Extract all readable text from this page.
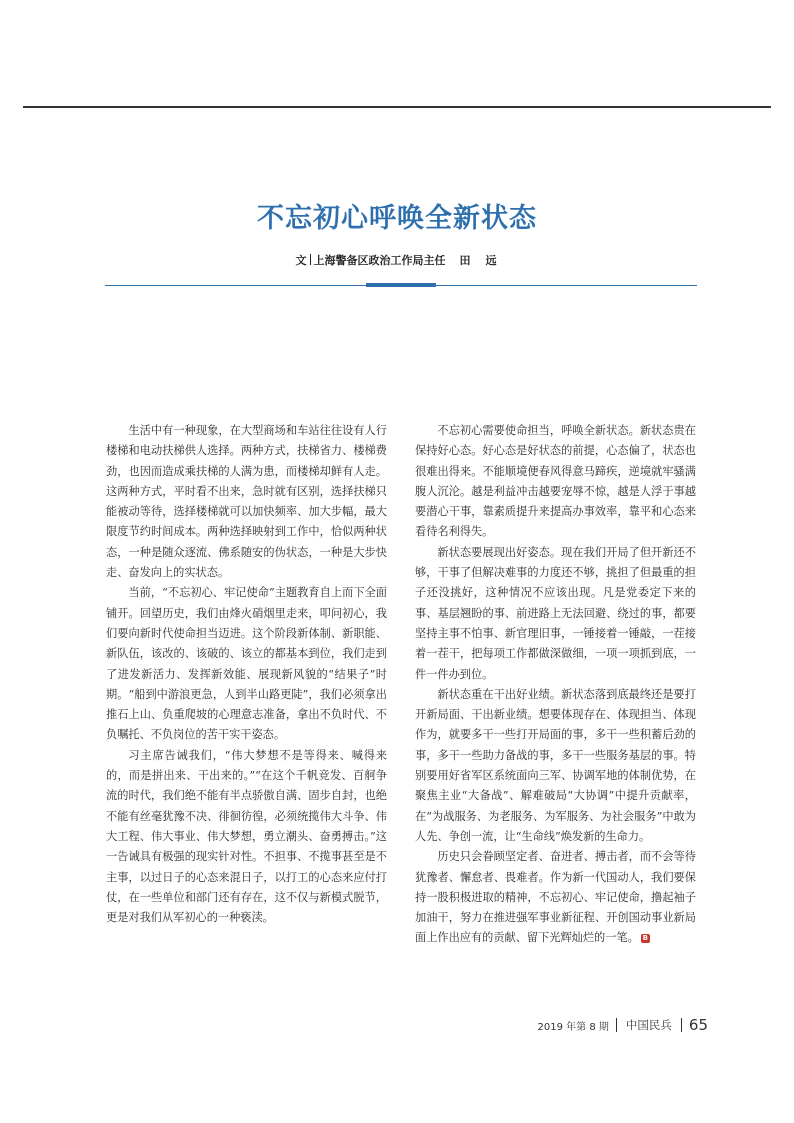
不忘初心呼唤全新状态
文 上海警备区政治工作局主任 田　远

生活中有一种现象，在大型商场和车站往往设有人行楼梯和电动扶梯供人选择。两种方式，扶梯省力、楼梯费劲，也因而造成乘扶梯的人满为患，而楼梯却鲜有人走。这两种方式，平时看不出来，急时就有区别，选择扶梯只能被动等待，选择楼梯就可以加快频率、加大步幅，最大限度节约时间成本。两种选择映射到工作中，恰似两种状态，一种是随众逐流、佛系随安的伪状态，一种是大步快走、奋发向上的实状态。

当前，“不忘初心、牢记使命”主题教育自上而下全面铺开。回望历史，我们由烽火硝烟里走来，叩问初心，我们要向新时代使命担当迈进。这个阶段新体制、新职能、新队伍，该改的、该破的、该立的都基本到位，我们走到了进发新活力、发挥新效能、展现新风貌的“结果子”时期。“船到中游浪更急，人到半山路更陡”，我们必须拿出推石上山、负重爬坡的心理意志准备，拿出不负时代、不负嘱托、不负岗位的苦干实干姿态。

习主席告诫我们，“伟大梦想不是等得来、喊得来的，而是拼出来、干出来的。”“在这个千帆竞发、百舸争流的时代，我们绝不能有半点骄傲自满、固步自封，也绝不能有丝毫犹豫不决、徘徊彷徨，必须统揽伟大斗争、伟大工程、伟大事业、伟大梦想，勇立潮头、奋勇搏击。”这一告诫具有极强的现实针对性。不担事、不揽事甚至是不主事，以过日子的心态来混日子，以打工的心态来应付打仗，在一些单位和部门还有存在，这不仅与新模式脱节，更是对我们从军初心的一种亵渎。

不忘初心需要使命担当，呼唤全新状态。新状态贵在保持好心态。好心态是好状态的前提，心态偏了，状态也很难出得来。不能顺境便春风得意马蹄疾，逆境就牢骚满腹人沉沦。越是利益冲击越要宠辱不惊，越是人浮于事越要潜心干事，靠素质提升来提高办事效率，靠平和心态来看待名利得失。

新状态要展现出好姿态。现在我们开局了但开新还不够，干事了但解决难事的力度还不够，挑担了但最重的担子还没挑好，这种情况不应该出现。凡是党委定下来的事、基层翘盼的事、前进路上无法回避、绕过的事，都要坚持主事不怕事、新官理旧事，一锤接着一锤敲，一茬接着一茬干，把每项工作都做深做细，一项一项抓到底，一件一件办到位。

新状态重在干出好业绩。新状态落到底最终还是要打开新局面、干出新业绩。想要体现存在、体现担当、体现作为，就要多干一些打开局面的事，多干一些积蓄后劲的事，多干一些助力备战的事，多干一些服务基层的事。特别要用好省军区系统面向三军、协调军地的体制优势，在聚焦主业“大备战”、解难破局“大协调”中提升贡献率，在“为战服务、为老服务、为军服务、为社会服务”中敢为人先、争创一流，让“生命线”焕发新的生命力。

历史只会眷顾坚定者、奋进者、搏击者，而不会等待犹豫者、懈怠者、畏难者。作为新一代国动人，我们要保持一股积极进取的精神，不忘初心、牢记使命，撸起袖子加油干，努力在推进强军事业新征程、开创国动事业新局面上作出应有的贡献、留下光辉灿烂的一笔。 B

2019 年第 8 期 中国民兵 65
